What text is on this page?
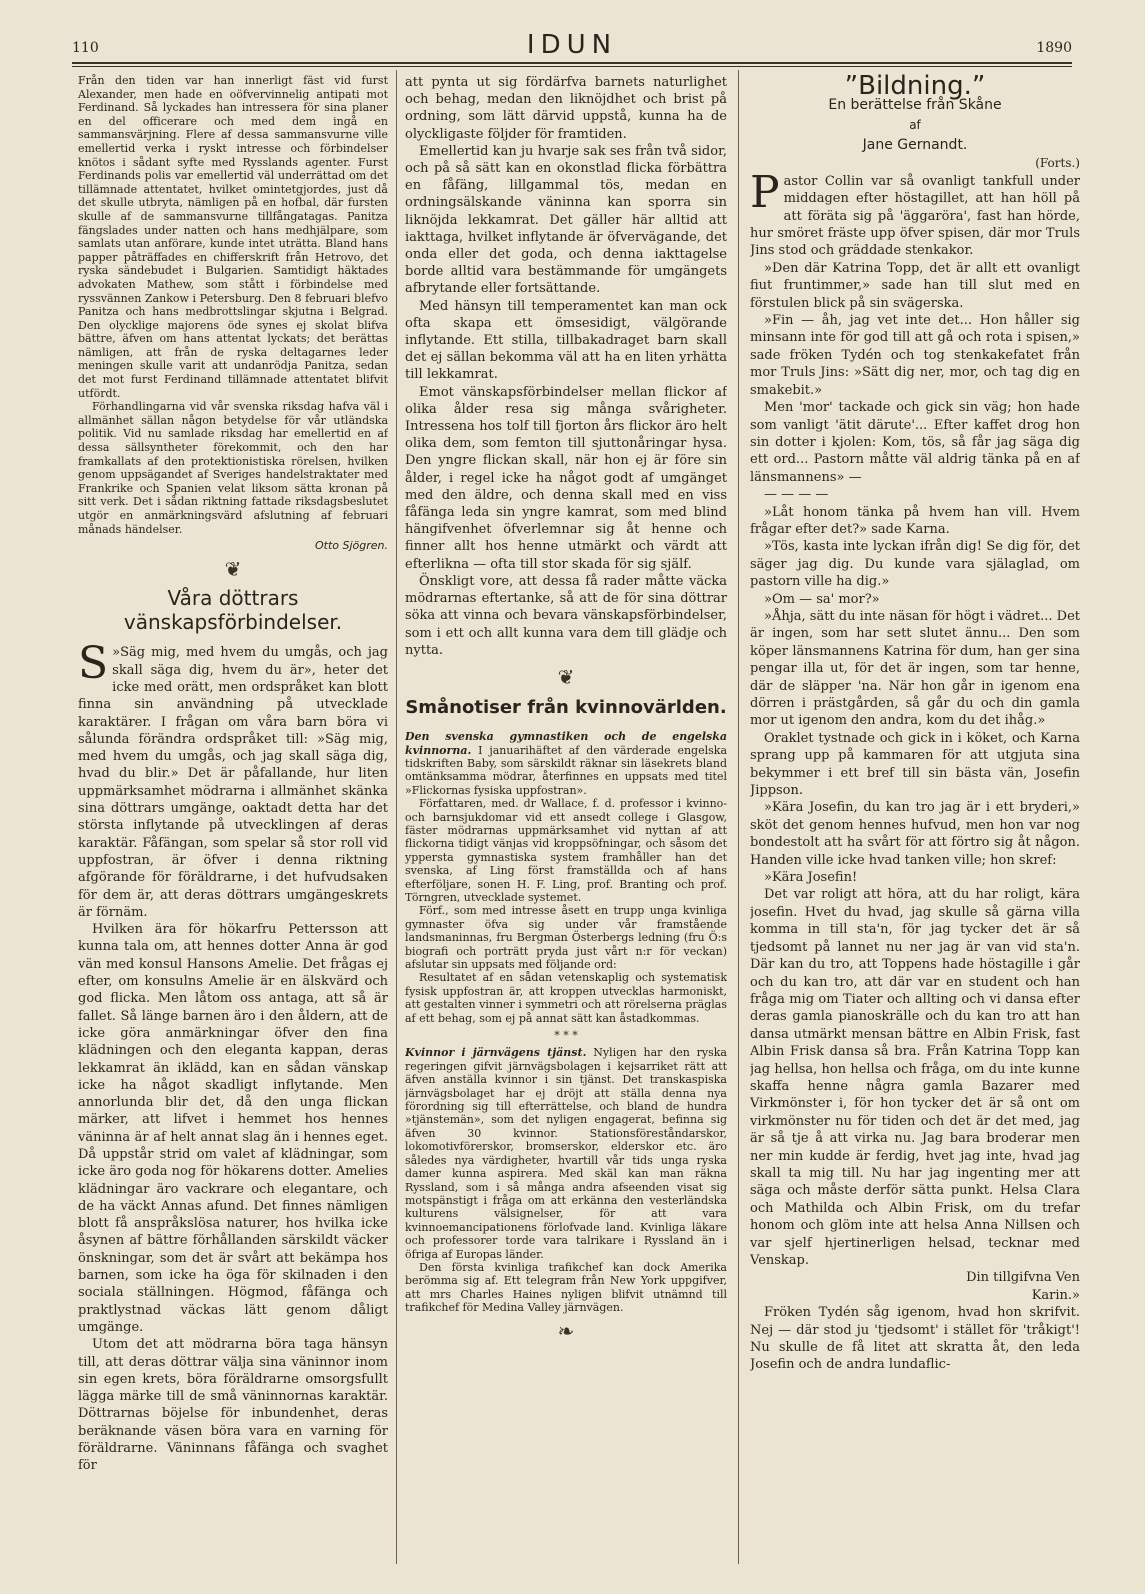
110	IDUN	1890

Från den tiden var han innerligt fäst vid furst Alexander, men hade en oöfvervinnelig antipati mot Ferdinand. Så lyckades han intressera för sina planer en del officerare och med dem ingå en sammansvärjning. Flere af dessa sammansvurne ville emellertid verka i ryskt intresse och förbindelser knötos i sådant syfte med Rysslands agenter. Furst Ferdinands polis var emellertid väl underrättad om det tillämnade attentatet, hvilket omintetgjordes, just då det skulle utbryta, nämligen på en hofbal, där fursten skulle af de sammansvurne tillfångatagas. Panitza fängslades under natten och hans medhjälpare, som samlats utan anförare, kunde intet uträtta. Bland hans papper påträffades en chifferskrift från Hetrovo, det ryska sändebudet i Bulgarien. Samtidigt häktades advokaten Mathew, som stått i förbindelse med ryssvännen Zankow i Petersburg. Den 8 februari blefvo Panitza och hans medbrottslingar skjutna i Belgrad. Den olycklige majorens öde synes ej skolat blifva bättre, äfven om hans attentat lyckats; det berättas nämligen, att från de ryska deltagarnes leder meningen skulle varit att undanrödja Panitza, sedan det mot furst Ferdinand tillämnade attentatet blifvit utfördt.

Förhandlingarna vid vår svenska riksdag hafva väl i allmänhet sällan någon betydelse för vår utländska politik. Vid nu samlade riksdag har emellertid en af dessa sällsyntheter förekommit, och den har framkallats af den protektionistiska rörelsen, hvilken genom uppsägandet af Sveriges handelstraktater med Frankrike och Spanien velat liksom sätta kronan på sitt verk. Det i sådan riktning fattade riksdagsbeslutet utgör en anmärkningsvärd afslutning af februari månads händelser.

Otto Sjögren.
❦
Våra döttrars vänskapsförbindelser.
S »Säg mig, med hvem du umgås, och jag skall säga dig, hvem du är», heter det icke med orätt, men ordspråket kan blott finna sin användning på utvecklade karaktärer. I frågan om våra barn böra vi sålunda förändra ordspråket till: »Säg mig, med hvem du umgås, och jag skall säga dig, hvad du blir.» Det är påfallande, hur liten uppmärksamhet mödrarna i allmänhet skänka sina döttrars umgänge, oaktadt detta har det största inflytande på utvecklingen af deras karaktär. Fåfängan, som spelar så stor roll vid uppfostran, är öfver i denna riktning afgörande för föräldrarne, i det hufvudsaken för dem är, att deras döttrars umgängeskrets är förnäm.

Hvilken ära för hökarfru Pettersson att kunna tala om, att hennes dotter Anna är god vän med konsul Hansons Amelie. Det frågas ej efter, om konsulns Amelie är en älskvärd och god flicka. Men låtom oss antaga, att så är fallet. Så länge barnen äro i den åldern, att de icke göra anmärkningar öfver den fina klädningen och den eleganta kappan, deras lekkamrat än iklädd, kan en sådan vänskap icke ha något skadligt inflytande. Men annorlunda blir det, då den unga flickan märker, att lifvet i hemmet hos hennes väninna är af helt annat slag än i hennes eget. Då uppstår strid om valet af klädningar, som icke äro goda nog för hökarens dotter. Amelies klädningar äro vackrare och elegantare, och de ha väckt Annas afund. Det finnes nämligen blott få anspråkslösa naturer, hos hvilka icke åsynen af bättre förhållanden särskildt väcker önskningar, som det är svårt att bekämpa hos barnen, som icke ha öga för skilnaden i den sociala ställningen. Högmod, fåfänga och praktlystnad väckas lätt genom dåligt umgänge.

Utom det att mödrarna böra taga hänsyn till, att deras döttrar välja sina väninnor inom sin egen krets, böra föräldrarne omsorgsfullt lägga märke till de små väninnornas karaktär. Döttrarnas böjelse för inbundenhet, deras beräknande väsen böra vara en varning för föräldrarne. Väninnans fåfänga och svaghet för

att pynta ut sig fördärfva barnets naturlighet och behag, medan den liknöjdhet och brist på ordning, som lätt därvid uppstå, kunna ha de olyckligaste följder för framtiden.

Emellertid kan ju hvarje sak ses från två sidor, och på så sätt kan en okonstlad flicka förbättra en fåfäng, lillgammal tös, medan en ordningsälskande väninna kan sporra sin liknöjda lekkamrat. Det gäller här alltid att iakttaga, hvilket inflytande är öfvervägande, det onda eller det goda, och denna iakttagelse borde alltid vara bestämmande för umgängets afbrytande eller fortsättande.

Med hänsyn till temperamentet kan man ock ofta skapa ett ömsesidigt, välgörande inflytande. Ett stilla, tillbakadraget barn skall det ej sällan bekomma väl att ha en liten yrhätta till lekkamrat.

Emot vänskapsförbindelser mellan flickor af olika ålder resa sig många svårigheter. Intressena hos tolf till fjorton års flickor äro helt olika dem, som femton till sjuttonåringar hysa. Den yngre flickan skall, när hon ej är före sin ålder, i regel icke ha något godt af umgänget med den äldre, och denna skall med en viss fåfänga leda sin yngre kamrat, som med blind hängifvenhet öfverlemnar sig åt henne och finner allt hos henne utmärkt och värdt att efterlikna — ofta till stor skada för sig själf.

Önskligt vore, att dessa få rader måtte väcka mödrarnas eftertanke, så att de för sina döttrar söka att vinna och bevara vänskapsförbindelser, som i ett och allt kunna vara dem till glädje och nytta.

❦
Smånotiser från kvinnovärlden.

Den svenska gymnastiken och de engelska kvinnorna. I januarihäftet af den värderade engelska tidskriften Baby, som särskildt räknar sin läsekrets bland omtänksamma mödrar, återfinnes en uppsats med titel »Flickornas fysiska uppfostran».

Författaren, med. dr Wallace, f. d. professor i kvinno- och barnsjukdomar vid ett ansedt college i Glasgow, fäster mödrarnas uppmärksamhet vid nyttan af att flickorna tidigt vänjas vid kroppsöfningar, och såsom det yppersta gymnastiska system framhåller han det svenska, af Ling först framställda och af hans efterföljare, sonen H. F. Ling, prof. Branting och prof. Törngren, utvecklade systemet.

Förf., som med intresse åsett en trupp unga kvinliga gymnaster öfva sig under vår framstående landsmaninnas, fru Bergman Österbergs ledning (fru Ö:s biografi och porträtt pryda just vårt n:r för veckan) afslutar sin uppsats med följande ord:

Resultatet af en sådan vetenskaplig och systematisk fysisk uppfostran är, att kroppen utvecklas harmoniskt, att gestalten vinner i symmetri och att rörelserna präglas af ett behag, som ej på annat sätt kan åstadkommas.

* * *

Kvinnor i järnvägens tjänst. Nyligen har den ryska regeringen gifvit järnvägsbolagen i kejsarriket rätt att äfven anställa kvinnor i sin tjänst. Det transkaspiska järnvägsbolaget har ej dröjt att ställa denna nya förordning sig till efterrättelse, och bland de hundra »tjänstemän», som det nyligen engagerat, befinna sig äfven 30 kvinnor. Stationsföreståndarskor, lokomotivförerskor, bromserskor, elderskor etc. äro således nya värdigheter, hvartill vår tids unga ryska damer kunna aspirera. Med skäl kan man räkna Ryssland, som i så många andra afseenden visat sig motspänstigt i fråga om att erkänna den vesterländska kulturens välsignelser, för att vara kvinnoemancipationens förlofvade land. Kvinliga läkare och professorer torde vara talrikare i Ryssland än i öfriga af Europas länder.

Den första kvinliga trafikchef kan dock Amerika berömma sig af. Ett telegram från New York uppgifver, att mrs Charles Haines nyligen blifvit utnämnd till trafikchef för Medina Valley järnvägen.

❧
”Bildning.”
En berättelse från Skåne
af
Jane Gernandt.
(Forts.)
P astor Collin var så ovanligt tankfull under middagen efter höstagillet, att han höll på att föräta sig på 'äggaröra', fast han hörde, hur smöret fräste upp öfver spisen, där mor Truls Jins stod och gräddade stenkakor.

»Den där Katrina Topp, det är allt ett ovanligt fiut fruntimmer,» sade han till slut med en förstulen blick på sin svägerska.

»Fin — åh, jag vet inte det... Hon håller sig minsann inte för god till att gå och rota i spisen,» sade fröken Tydén och tog stenkakefatet från mor Truls Jins: »Sätt dig ner, mor, och tag dig en smakebit.»

Men 'mor' tackade och gick sin väg; hon hade som vanligt 'ätit därute'... Efter kaffet drog hon sin dotter i kjolen: Kom, tös, så får jag säga dig ett ord... Pastorn måtte väl aldrig tänka på en af länsmannens» —

— — — —

»Låt honom tänka på hvem han vill. Hvem frågar efter det?» sade Karna.

»Tös, kasta inte lyckan ifrån dig! Se dig för, det säger jag dig. Du kunde vara själaglad, om pastorn ville ha dig.»

»Om — sa' mor?»

»Åhja, sätt du inte näsan för högt i vädret... Det är ingen, som har sett slutet ännu... Den som köper länsmannens Katrina för dum, han ger sina pengar illa ut, för det är ingen, som tar henne, där de släpper 'na. När hon går in igenom ena dörren i prästgården, så går du och din gamla mor ut igenom den andra, kom du det ihåg.»

Oraklet tystnade och gick in i köket, och Karna sprang upp på kammaren för att utgjuta sina bekymmer i ett bref till sin bästa vän, Josefin Jippson.

»Kära Josefin, du kan tro jag är i ett bryderi,» sköt det genom hennes hufvud, men hon var nog bondestolt att ha svårt för att förtro sig åt någon. Handen ville icke hvad tanken ville; hon skref:

»Kära Josefin!

Det var roligt att höra, att du har roligt, kära josefin. Hvet du hvad, jag skulle så gärna villa komma in till sta'n, för jag tycker det är så tjedsomt på lannet nu ner jag är van vid sta'n. Där kan du tro, att Toppens hade höstagille i går och du kan tro, att där var en student och han fråga mig om Tiater och allting och vi dansa efter deras gamla pianoskrälle och du kan tro att han dansa utmärkt mensan bättre en Albin Frisk, fast Albin Frisk dansa så bra. Från Katrina Topp kan jag hellsa, hon hellsa och fråga, om du inte kunne skaffa henne några gamla Bazarer med Virkmönster i, för hon tycker det är så ont om virkmönster nu för tiden och det är det med, jag är så tje å att virka nu. Jag bara broderar men ner min kudde är ferdig, hvet jag inte, hvad jag skall ta mig till. Nu har jag ingenting mer att säga och måste derför sätta punkt. Helsa Clara och Mathilda och Albin Frisk, om du trefar honom och glöm inte att helsa Anna Nillsen och var sjelf hjertinerligen helsad, tecknar med Venskap.

Din tillgifvna Ven

Karin.»

Fröken Tydén såg igenom, hvad hon skrifvit. Nej — där stod ju 'tjedsomt' i stället för 'tråkigt'! Nu skulle de få litet att skratta åt, den leda Josefin och de andra lundaflic-
